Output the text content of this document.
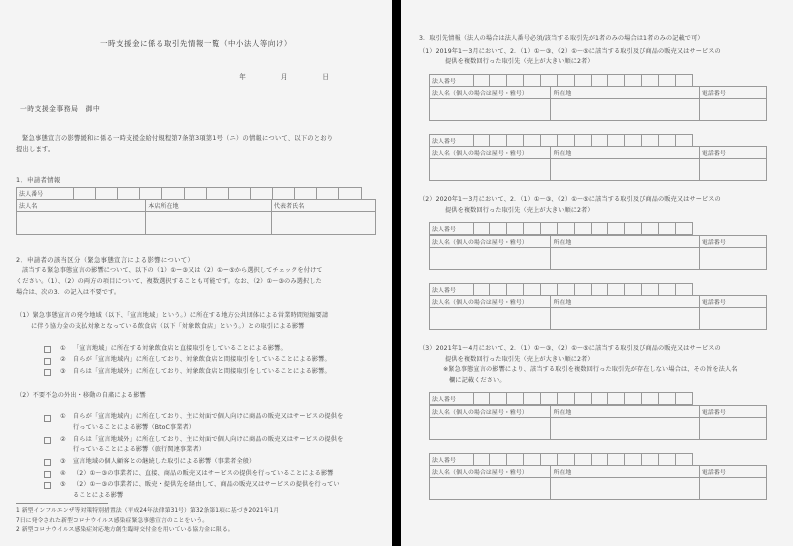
一時支援金に係る取引先情報一覧（中小法人等向け）
年	月	日
一時支援金事務局　御中
緊急事態宣言の影響緩和に係る一時支援金給付規程第7条第3項第1号（ニ）の情報について、以下のとおり
提出します。
1．申請者情報
法人番号													
法人名	本店所在地	代表者氏名

2．申請者の該当区分（緊急事態宣言による影響について）

該当する緊急事態宣言の影響について、以下の（1）①ー③又は（2）①ー⑤から選択してチェックを付けて
ください。（1）、（2）の両方の項目について、複数選択することも可能です。なお、（2）①～③のみ選択した
場合は、次の3．の記入は不要です。

（1）緊急事態宣言の発令地域（以下、「宣言地域」という。）に所在する地方公共団体による営業時間短縮要請
に伴う協力金の支払対象となっている飲食店（以下「対象飲食店」という。）との取引による影響
①	「宣言地域」に所在する対象飲食店と直接取引をしていることによる影響。
②	自らが「宣言地域内」に所在しており、対象飲食店と間接取引をしていることによる影響。
③	自らは「宣言地域外」に所在しており、対象飲食店と間接取引をしていることによる影響。
（2）不要不急の外出・移動の自粛による影響
①	自らが「宣言地域内」に所在しており、主に対面で個人向けに商品の販売又はサービスの提供を
行っていることによる影響（BtoC事業者）
②	自らは「宣言地域外」に所在しており、主に対面で個人向けに商品の販売又はサービスの提供を
行っていることによる影響（旅行関連事業者）
③	宣言地域の個人顧客との継続した取引による影響（事業者全般）
④	（2）①～③の事業者に、直接、商品の販売又はサービスの提供を行っていることによる影響
⑤	（2）①～③の事業者に、販売・提供先を経由して、商品の販売又はサービスの提供を行ってい
ることによる影響
1 新型インフルエンザ等対策特別措置法（平成24年法律第31号）第32条第1項に基づき2021年1月
7日に発令された新型コロナウイルス感染症緊急事態宣言のことをいう。
2 新型コロナウイルス感染症対応地方創生臨時交付金を用いている協力金に限る。
3．取引先情報（法人の場合は法人番号必須/該当する取引先が1者のみの場合は1者のみの記載で可）
（1）2019年1～3月において、2．（1）①～③、（2）①～⑤に該当する取引及び商品の販売又はサービスの
提供を複数回行った取引先（売上が大きい順に2者）
法人番号													
法人名（個人の場合は屋号・雅号）	所在地	電話番号

法人番号													
法人名（個人の場合は屋号・雅号）	所在地	電話番号

（2）2020年1～3月において、2．（1）①～③、（2）①～⑤に該当する取引及び商品の販売又はサービスの
提供を複数回行った取引先（売上が大きい順に2者）
法人番号													
法人名（個人の場合は屋号・雅号）	所在地	電話番号

法人番号													
法人名（個人の場合は屋号・雅号）	所在地	電話番号

（3）2021年1～4月において、2．（1）①～③、（2）①～⑤に該当する取引及び商品の販売又はサービスの
提供を複数回行った取引先（売上が大きい順に2者）
※緊急事態宣言の影響により、該当する取引を複数回行った取引先が存在しない場合は、その旨を法人名
欄に記載ください。
法人番号													
法人名（個人の場合は屋号・雅号）	所在地	電話番号

法人番号													
法人名（個人の場合は屋号・雅号）	所在地	電話番号
